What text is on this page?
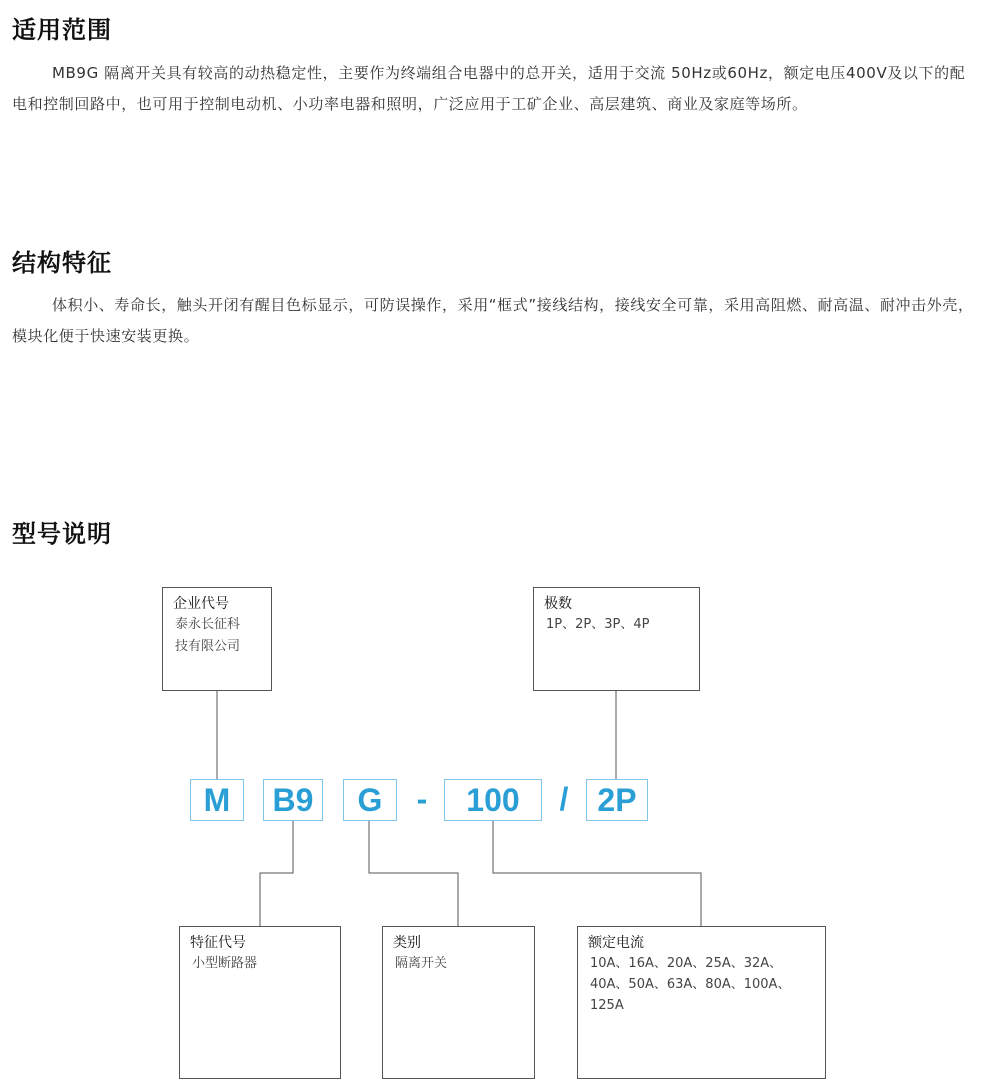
适用范围

MB9G 隔离开关具有较高的动热稳定性，主要作为终端组合电器中的总开关，适用于交流 50Hz或60Hz，额定电压400V及以下的配电和控制回路中，也可用于控制电动机、小功率电器和照明，广泛应用于工矿企业、高层建筑、商业及家庭等场所。

结构特征

体积小、寿命长，触头开闭有醒目色标显示，可防误操作，采用“框式”接线结构，接线安全可靠，采用高阻燃、耐高温、耐冲击外壳，模块化便于快速安装更换。

型号说明
企业代号
泰永长征科
技有限公司
极数
1P、2P、3P、4P
M	B9	G	-	100	/ 2P
特征代号
小型断路器
类别
隔离开关
额定电流
10A、16A、20A、25A、32A、
40A、50A、63A、80A、100A、
125A
